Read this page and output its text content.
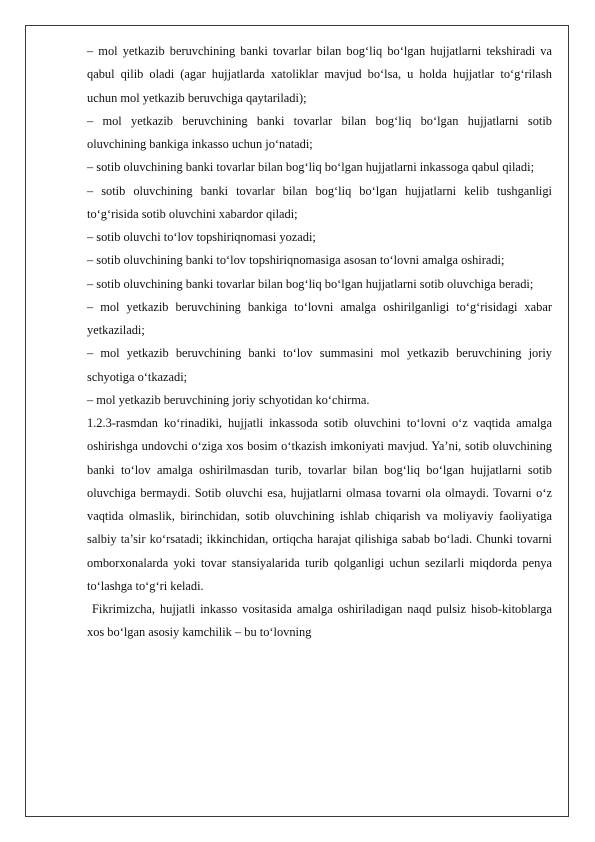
– mol yetkazib beruvchining banki tovarlar bilan bog‘liq bo‘lgan hujjatlarni tekshiradi va qabul qilib oladi (agar hujjatlarda xatoliklar mavjud bo‘lsa, u holda hujjatlar to‘g‘rilash uchun mol yetkazib beruvchiga qaytariladi);

– mol yetkazib beruvchining banki tovarlar bilan bog‘liq bo‘lgan hujjatlarni sotib oluvchining bankiga inkasso uchun jo‘natadi;

– sotib oluvchining banki tovarlar bilan bog‘liq bo‘lgan hujjatlarni inkassoga qabul qiladi;

– sotib oluvchining banki tovarlar bilan bog‘liq bo‘lgan hujjatlarni kelib tushganligi to‘g‘risida sotib oluvchini xabardor qiladi;

– sotib oluvchi to‘lov topshiriqnomasi yozadi;

– sotib oluvchining banki to‘lov topshiriqnomasiga asosan to‘lovni amalga oshiradi;

– sotib oluvchining banki tovarlar bilan bog‘liq bo‘lgan hujjatlarni sotib oluvchiga beradi;

– mol yetkazib beruvchining bankiga to‘lovni amalga oshirilganligi to‘g‘risidagi xabar yetkaziladi;

– mol yetkazib beruvchining banki to‘lov summasini mol yetkazib beruvchining joriy schyotiga o‘tkazadi;

– mol yetkazib beruvchining joriy schyotidan ko‘chirma.

1.2.3-rasmdan ko‘rinadiki, hujjatli inkassoda sotib oluvchini to‘lovni o‘z vaqtida amalga oshirishga undovchi o‘ziga xos bosim o‘tkazish imkoniyati mavjud. Ya’ni, sotib oluvchining banki to‘lov amalga oshirilmasdan turib, tovarlar bilan bog‘liq bo‘lgan hujjatlarni sotib oluvchiga bermaydi. Sotib oluvchi esa, hujjatlarni olmasa tovarni ola olmaydi. Tovarni o‘z vaqtida olmaslik, birinchidan, sotib oluvchining ishlab chiqarish va moliyaviy faoliyatiga salbiy ta’sir ko‘rsatadi; ikkinchidan, ortiqcha harajat qilishiga sabab bo‘ladi. Chunki tovarni omborxonalarda yoki tovar stansiyalarida turib qolganligi uchun sezilarli miqdorda penya to‘lashga to‘g‘ri keladi.

Fikrimizcha, hujjatli inkasso vositasida amalga oshiriladigan naqd pulsiz hisob-kitoblarga xos bo‘lgan asosiy kamchilik – bu to‘lovning
